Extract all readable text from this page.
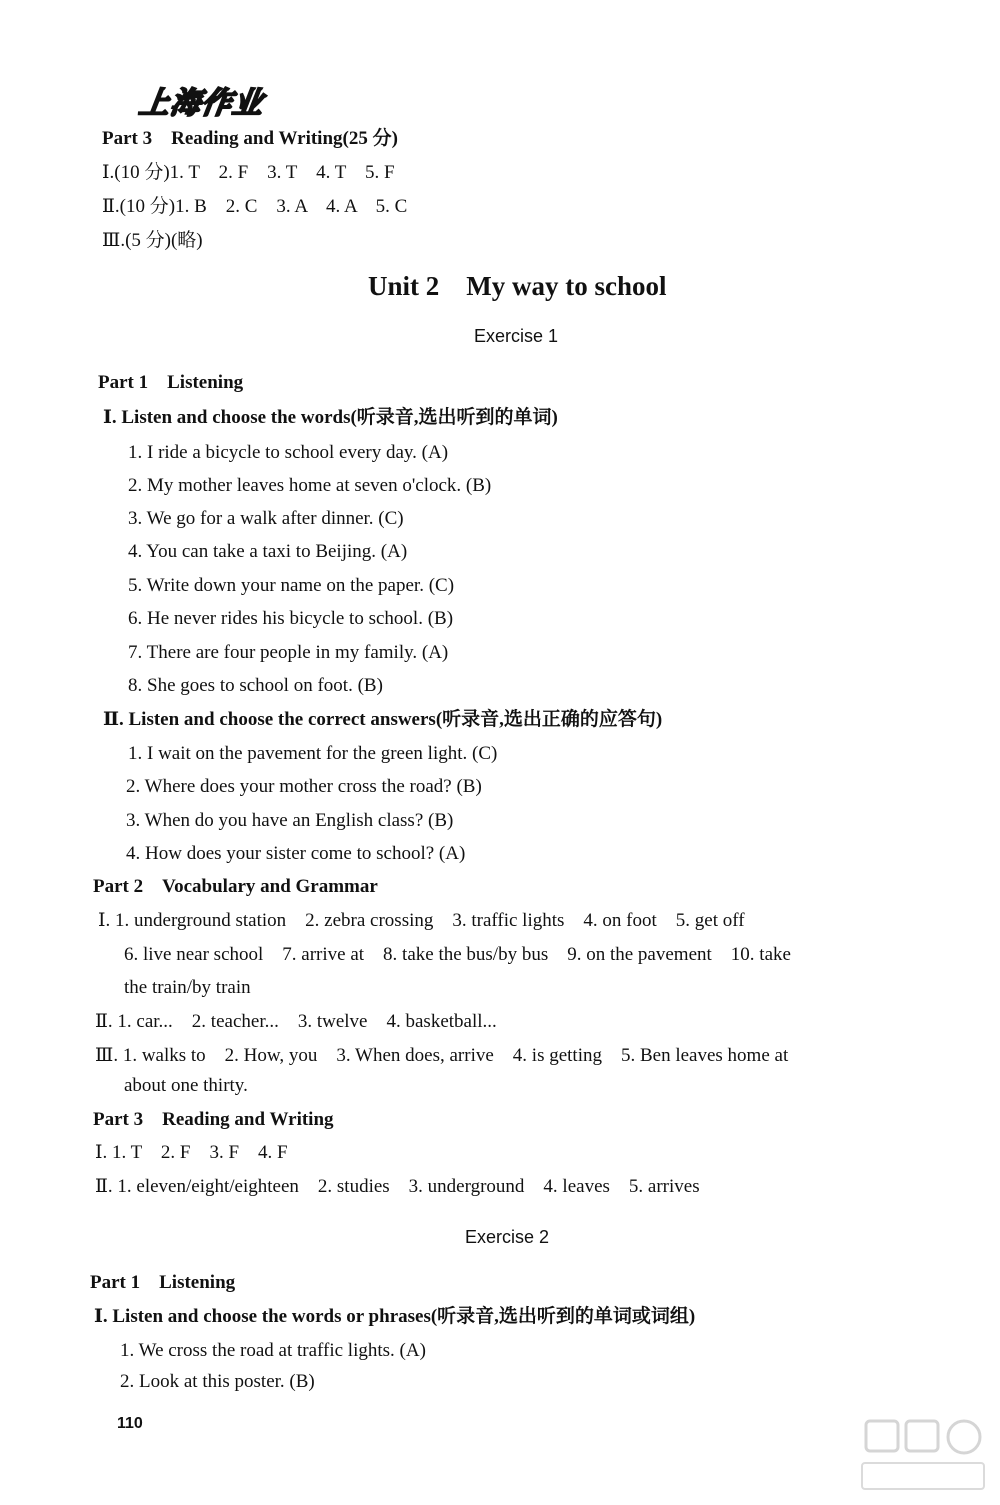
上海作业
Part 3　Reading and Writing(25 分)
Ⅰ.(10 分)1. T　2. F　3. T　4. T　5. F
Ⅱ.(10 分)1. B　2. C　3. A　4. A　5. C
Ⅲ.(5 分)(略)
Unit 2　My way to school
Exercise 1
Part 1　Listening
Ⅰ. Listen and choose the words(听录音,选出听到的单词)
1. I ride a bicycle to school every day. (A)
2. My mother leaves home at seven o'clock. (B)
3. We go for a walk after dinner. (C)
4. You can take a taxi to Beijing. (A)
5. Write down your name on the paper. (C)
6. He never rides his bicycle to school. (B)
7. There are four people in my family. (A)
8. She goes to school on foot. (B)
Ⅱ. Listen and choose the correct answers(听录音,选出正确的应答句)
1. I wait on the pavement for the green light. (C)
2. Where does your mother cross the road? (B)
3. When do you have an English class? (B)
4. How does your sister come to school? (A)
Part 2　Vocabulary and Grammar
Ⅰ. 1. underground station　2. zebra crossing　3. traffic lights　4. on foot　5. get off
6. live near school　7. arrive at　8. take the bus/by bus　9. on the pavement　10. take
the train/by train
Ⅱ. 1. car...　2. teacher...　3. twelve　4. basketball...
Ⅲ. 1. walks to　2. How, you　3. When does, arrive　4. is getting　5. Ben leaves home at
about one thirty.
Part 3　Reading and Writing
Ⅰ. 1. T　2. F　3. F　4. F
Ⅱ. 1. eleven/eight/eighteen　2. studies　3. underground　4. leaves　5. arrives
Exercise 2
Part 1　Listening
Ⅰ. Listen and choose the words or phrases(听录音,选出听到的单词或词组)
1. We cross the road at traffic lights. (A)
2. Look at this poster. (B)
110
